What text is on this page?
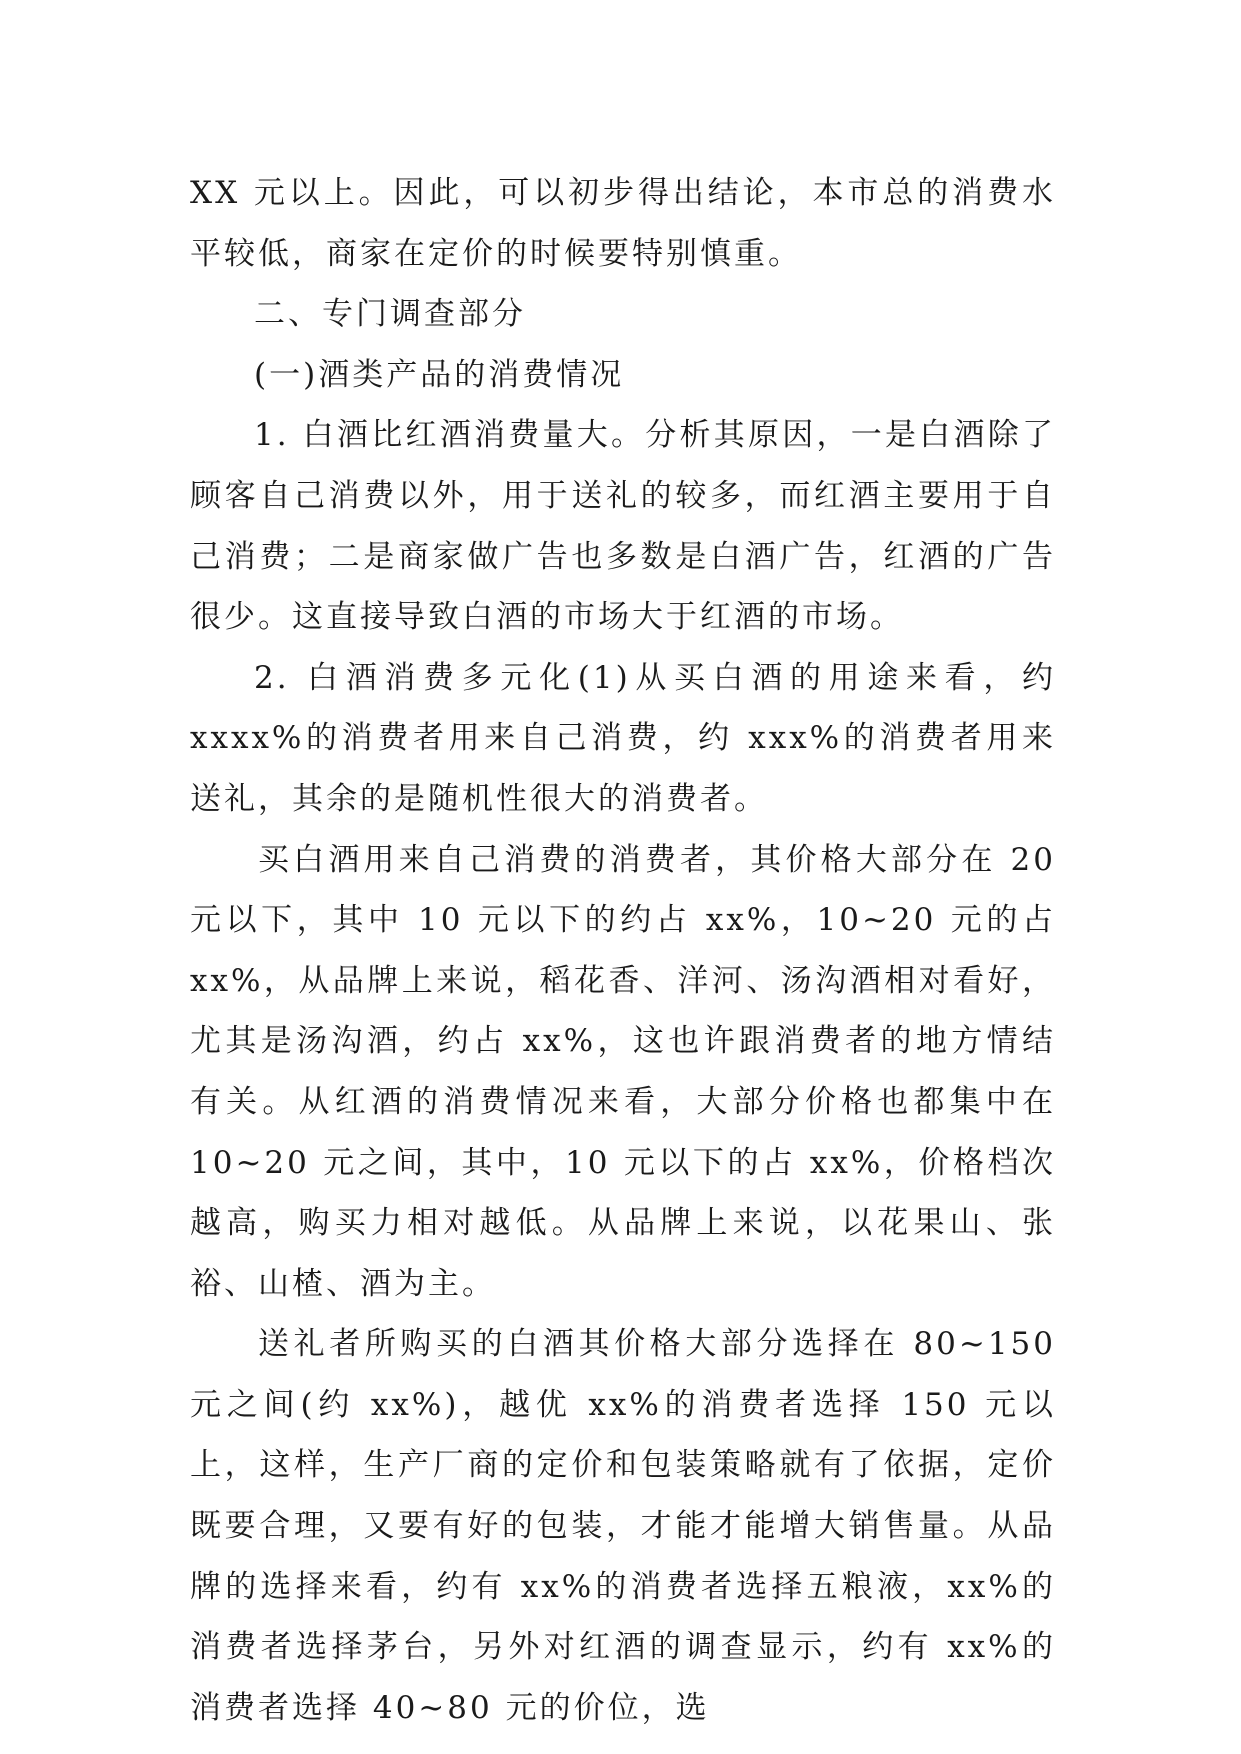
XX 元以上。因此，可以初步得出结论，本市总的消费水平较低，商家在定价的时候要特别慎重。

二、专门调查部分

(一)酒类产品的消费情况

1. 白酒比红酒消费量大。分析其原因，一是白酒除了顾客自己消费以外，用于送礼的较多，而红酒主要用于自己消费；二是商家做广告也多数是白酒广告，红酒的广告很少。这直接导致白酒的市场大于红酒的市场。

2. 白酒消费多元化(1)从买白酒的用途来看，约 xxxx%的消费者用来自己消费，约 xxx%的消费者用来送礼，其余的是随机性很大的消费者。

买白酒用来自己消费的消费者，其价格大部分在 20 元以下，其中 10 元以下的约占 xx%，10~20 元的占 xx%，从品牌上来说，稻花香、洋河、汤沟酒相对看好，尤其是汤沟酒，约占 xx%，这也许跟消费者的地方情结有关。从红酒的消费情况来看，大部分价格也都集中在 10~20 元之间，其中，10 元以下的占 xx%，价格档次越高，购买力相对越低。从品牌上来说，以花果山、张裕、山楂、酒为主。

送礼者所购买的白酒其价格大部分选择在 80~150 元之间(约 xx%)，越优 xx%的消费者选择 150 元以上，这样，生产厂商的定价和包装策略就有了依据，定价既要合理，又要有好的包装，才能才能增大销售量。从品牌的选择来看，约有 xx%的消费者选择五粮液，xx%的消费者选择茅台，另外对红酒的调查显示，约有 xx%的消费者选择 40~80 元的价位，选
